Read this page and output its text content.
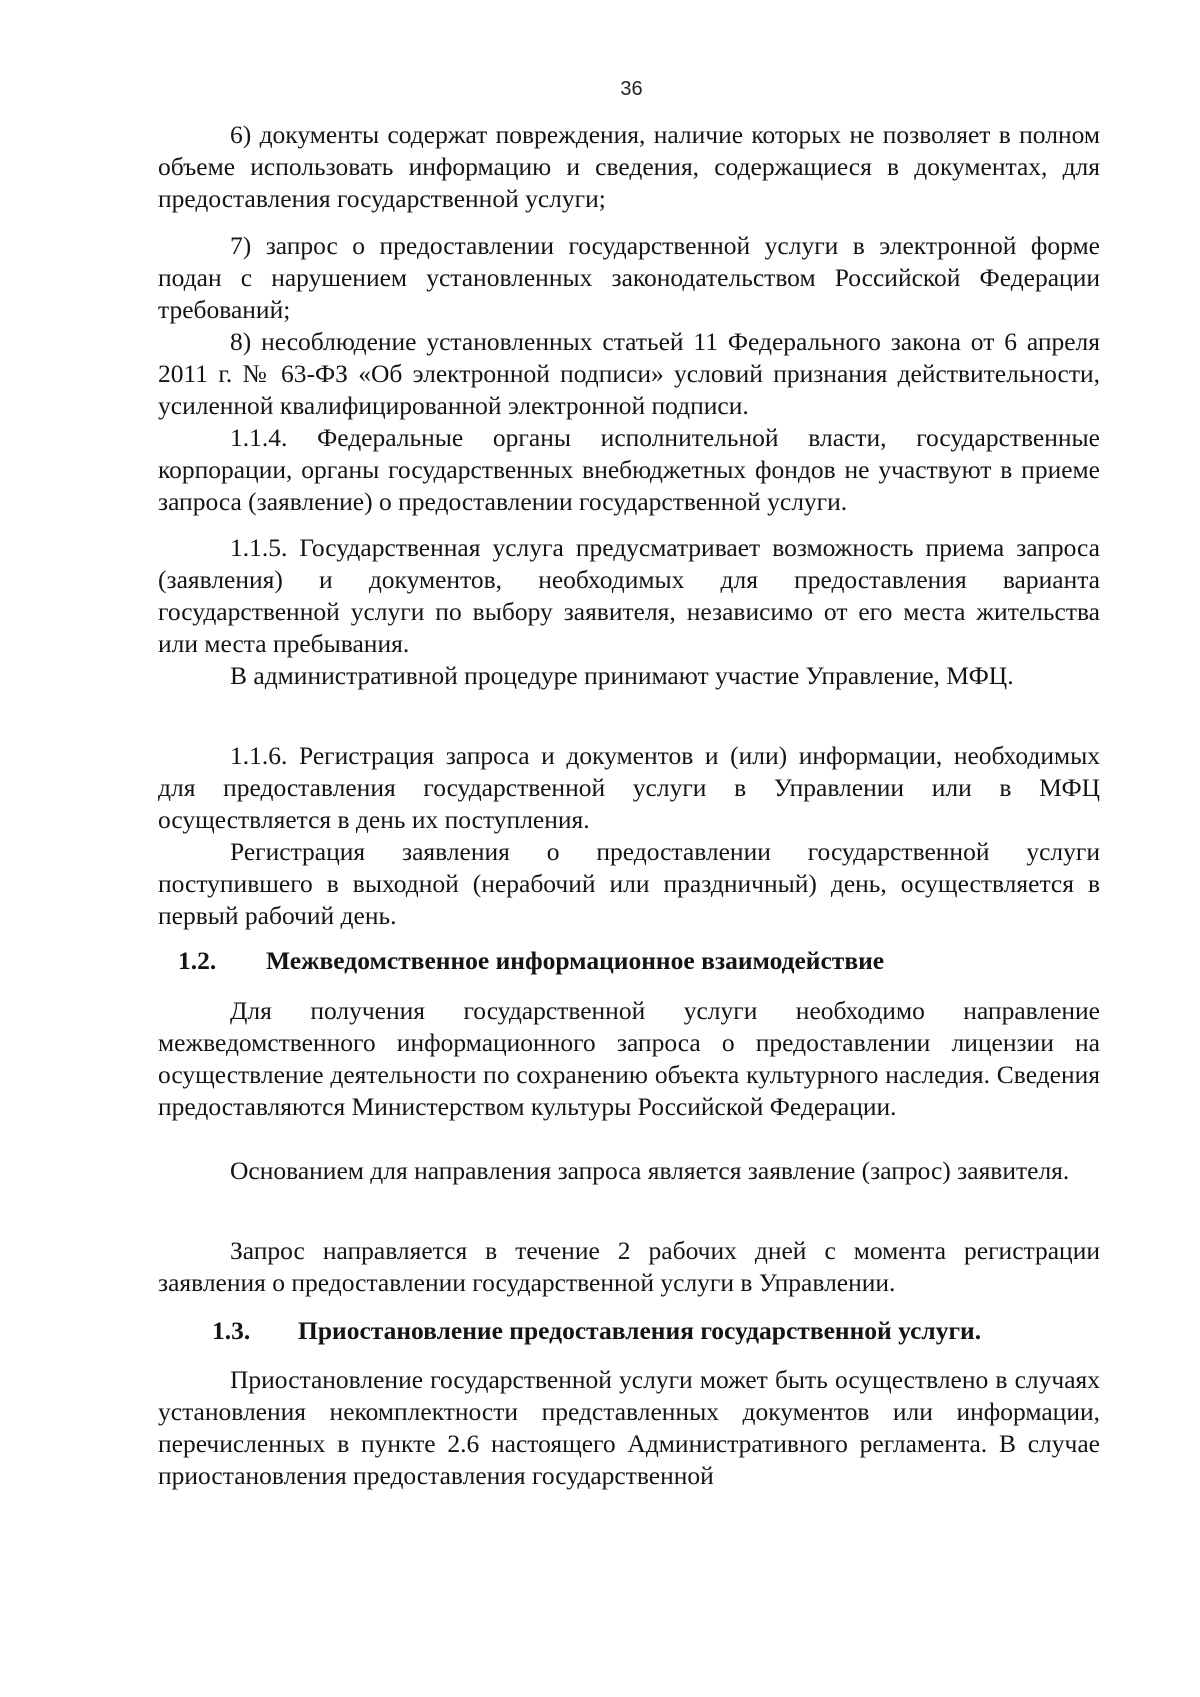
36

6) документы содержат повреждения, наличие которых не позволяет в полном объеме использовать информацию и сведения, содержащиеся в документах, для предоставления государственной услуги;

7) запрос о предоставлении государственной услуги в электронной форме подан с нарушением установленных законодательством Российской Федерации требований;

8) несоблюдение установленных статьей 11 Федерального закона от 6 апреля 2011 г. № 63-ФЗ «Об электронной подписи» условий признания действительности, усиленной квалифицированной электронной подписи.

1.1.4. Федеральные органы исполнительной власти, государственные корпорации, органы государственных внебюджетных фондов не участвуют в приеме запроса (заявление) о предоставлении государственной услуги.

1.1.5. Государственная услуга предусматривает возможность приема запроса (заявления) и документов, необходимых для предоставления варианта государственной услуги по выбору заявителя, независимо от его места жительства или места пребывания.

В административной процедуре принимают участие Управление, МФЦ.

1.1.6. Регистрация запроса и документов и (или) информации, необходимых для предоставления государственной услуги в Управлении или в МФЦ осуществляется в день их поступления.

Регистрация заявления о предоставлении государственной услуги поступившего в выходной (нерабочий или праздничный) день, осуществляется в первый рабочий день.

1.2. Межведомственное информационное взаимодействие

Для получения государственной услуги необходимо направление межведомственного информационного запроса о предоставлении лицензии на осуществление деятельности по сохранению объекта культурного наследия. Сведения предоставляются Министерством культуры Российской Федерации.

Основанием для направления запроса является заявление (запрос) заявителя.

Запрос направляется в течение 2 рабочих дней с момента регистрации заявления о предоставлении государственной услуги в Управлении.

1.3. Приостановление предоставления государственной услуги.

Приостановление государственной услуги может быть осуществлено в случаях установления некомплектности представленных документов или информации, перечисленных в пункте 2.6 настоящего Административного регламента. В случае приостановления предоставления государственной
